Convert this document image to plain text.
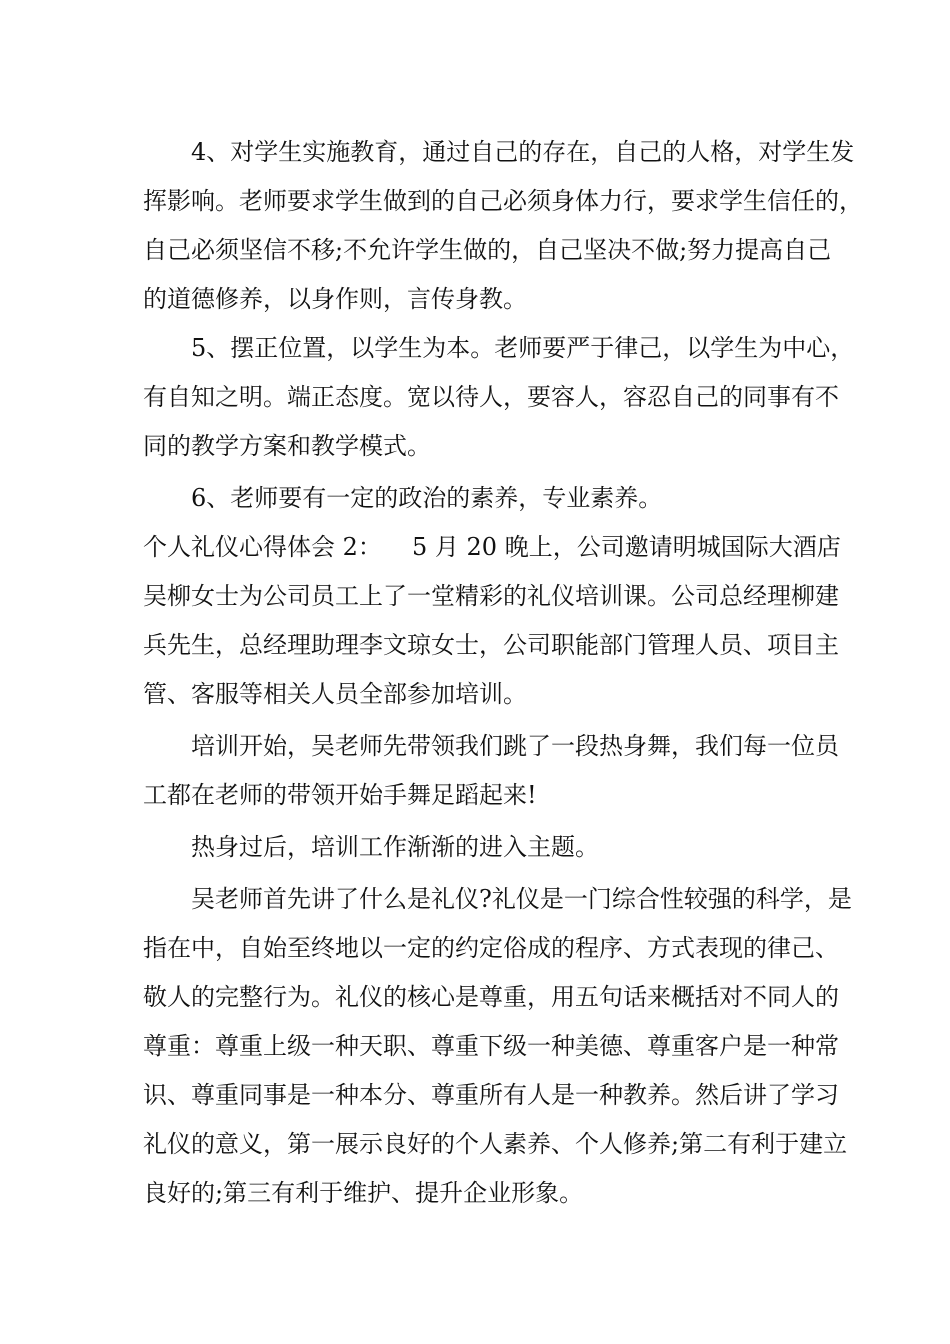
4、对学生实施教育，通过自己的存在，自己的人格，对学生发
挥影响。老师要求学生做到的自己必须身体力行，要求学生信任的，
自己必须坚信不移;不允许学生做的，自己坚决不做;努力提高自己
的道德修养，以身作则，言传身教。
5、摆正位置，以学生为本。老师要严于律己，以学生为中心，
有自知之明。端正态度。宽以待人，要容人，容忍自己的同事有不
同的教学方案和教学模式。
6、老师要有一定的政治的素养，专业素养。
个人礼仪心得体会 2： 5 月 20 晚上，公司邀请明城国际大酒店
吴柳女士为公司员工上了一堂精彩的礼仪培训课。公司总经理柳建
兵先生，总经理助理李文琼女士，公司职能部门管理人员、项目主
管、客服等相关人员全部参加培训。
培训开始，吴老师先带领我们跳了一段热身舞，我们每一位员
工都在老师的带领开始手舞足蹈起来!
热身过后，培训工作渐渐的进入主题。
吴老师首先讲了什么是礼仪?礼仪是一门综合性较强的科学，是
指在中，自始至终地以一定的约定俗成的程序、方式表现的律己、
敬人的完整行为。礼仪的核心是尊重，用五句话来概括对不同人的
尊重：尊重上级一种天职、尊重下级一种美德、尊重客户是一种常
识、尊重同事是一种本分、尊重所有人是一种教养。然后讲了学习
礼仪的意义，第一展示良好的个人素养、个人修养;第二有利于建立
良好的;第三有利于维护、提升企业形象。
